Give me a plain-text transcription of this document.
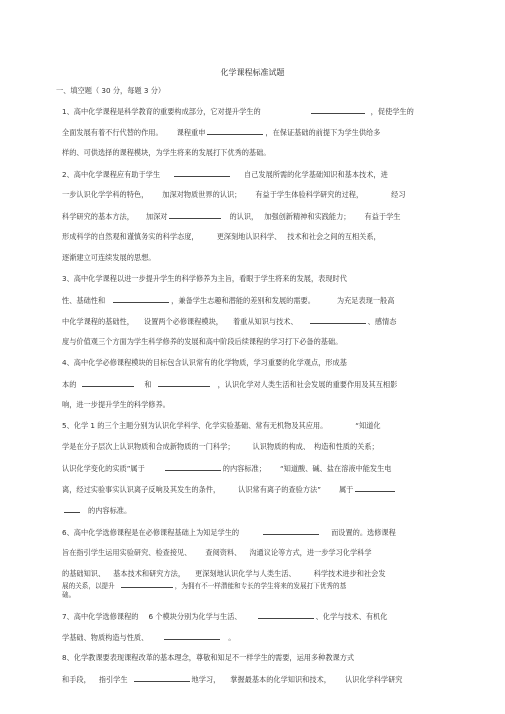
化学课程标准试题
一、填空题（ 30 分，每题 3 分）
1、高中化学课程是科学教育的重要构成部分，它对提升学生的	，促使学生的
全面发展有着不行代替的作用。 课程重申	，在保证基础的前提下为学生供给多
样的、可供选择的课程模块，为学生将来的发展打下优秀的基础。
2、高中化学课程应有助于学生	自己发展所需的化学基础知识和基本技术，进
一步认识化学学科的特色， 加深对物质世界的认识； 有益于学生体验科学研究的过程，	经习
科学研究的基本方法， 加深对	的认识， 加强创新精神和实践能力； 有益于学生
形成科学的自然观和谨慎务实的科学态度，	更深刻地认识科学、 技术和社会之间的互相关系，
逐渐建立可连续发展的思想。
3、高中化学课程以进一步提升学生的科学修养为主旨，看眼于学生将来的发展，表现时代
性、基础性和	，兼备学生志趣和潜能的差别和发展的需要。	为充足表现一般高
中化学课程的基础性， 设置两个必修课程模块， 着重从知识与技术、	、感情态
度与价值观三个方面为学生科学修养的发展和高中阶段后续课程的学习打下必备的基础。
4、高中化学必修课程模块的目标包含认识常有的化学物质，学习重要的化学观点，形成基
本的	和	，认识化学对人类生活和社会发展的重要作用及其互相影
响，进一步提升学生的科学修养。
5、化学 1 的三个主题分别为认识化学科学、化学实验基础、常有无机物及其应用。	“知道化
学是在分子层次上认识物质和合成新物质的一门科学；	认识物质的构成、 构造和性质的关系；
认识化学变化的实质”属于	的内容标准； “知道酸、碱、盐在溶液中能发生电
离，经过实验事实认识离子反响及其发生的条件，	认识常有离子的查验方法”	属于
的内容标准。
6、高中化学选修课程是在必修课程基础上为知足学生的	而设置的。选修课程
旨在指引学生运用实验研究、检查接见、 查阅资料、 沟通议论等方式，进一步学习化学科学
的基础知识、 基本技术和研究方法， 更深刻地认识化学与人类生活、	科学技术进步和社会发
展的关系，以提升	，为拥有不一样潜能和专长的学生将来的发展打下优秀的基
础。
7、高中化学选修课程的 6 个模块分别为化学与生活、	、化学与技术、有机化
学基础、物质构造与性质、	。
8、化学教课要表现课程改革的基本理念，尊敬和知足不一样学生的需要，运用多种教课方式
和手段， 指引学生	地学习， 掌握最基本的化学知识和技术， 认识化学科学研究
